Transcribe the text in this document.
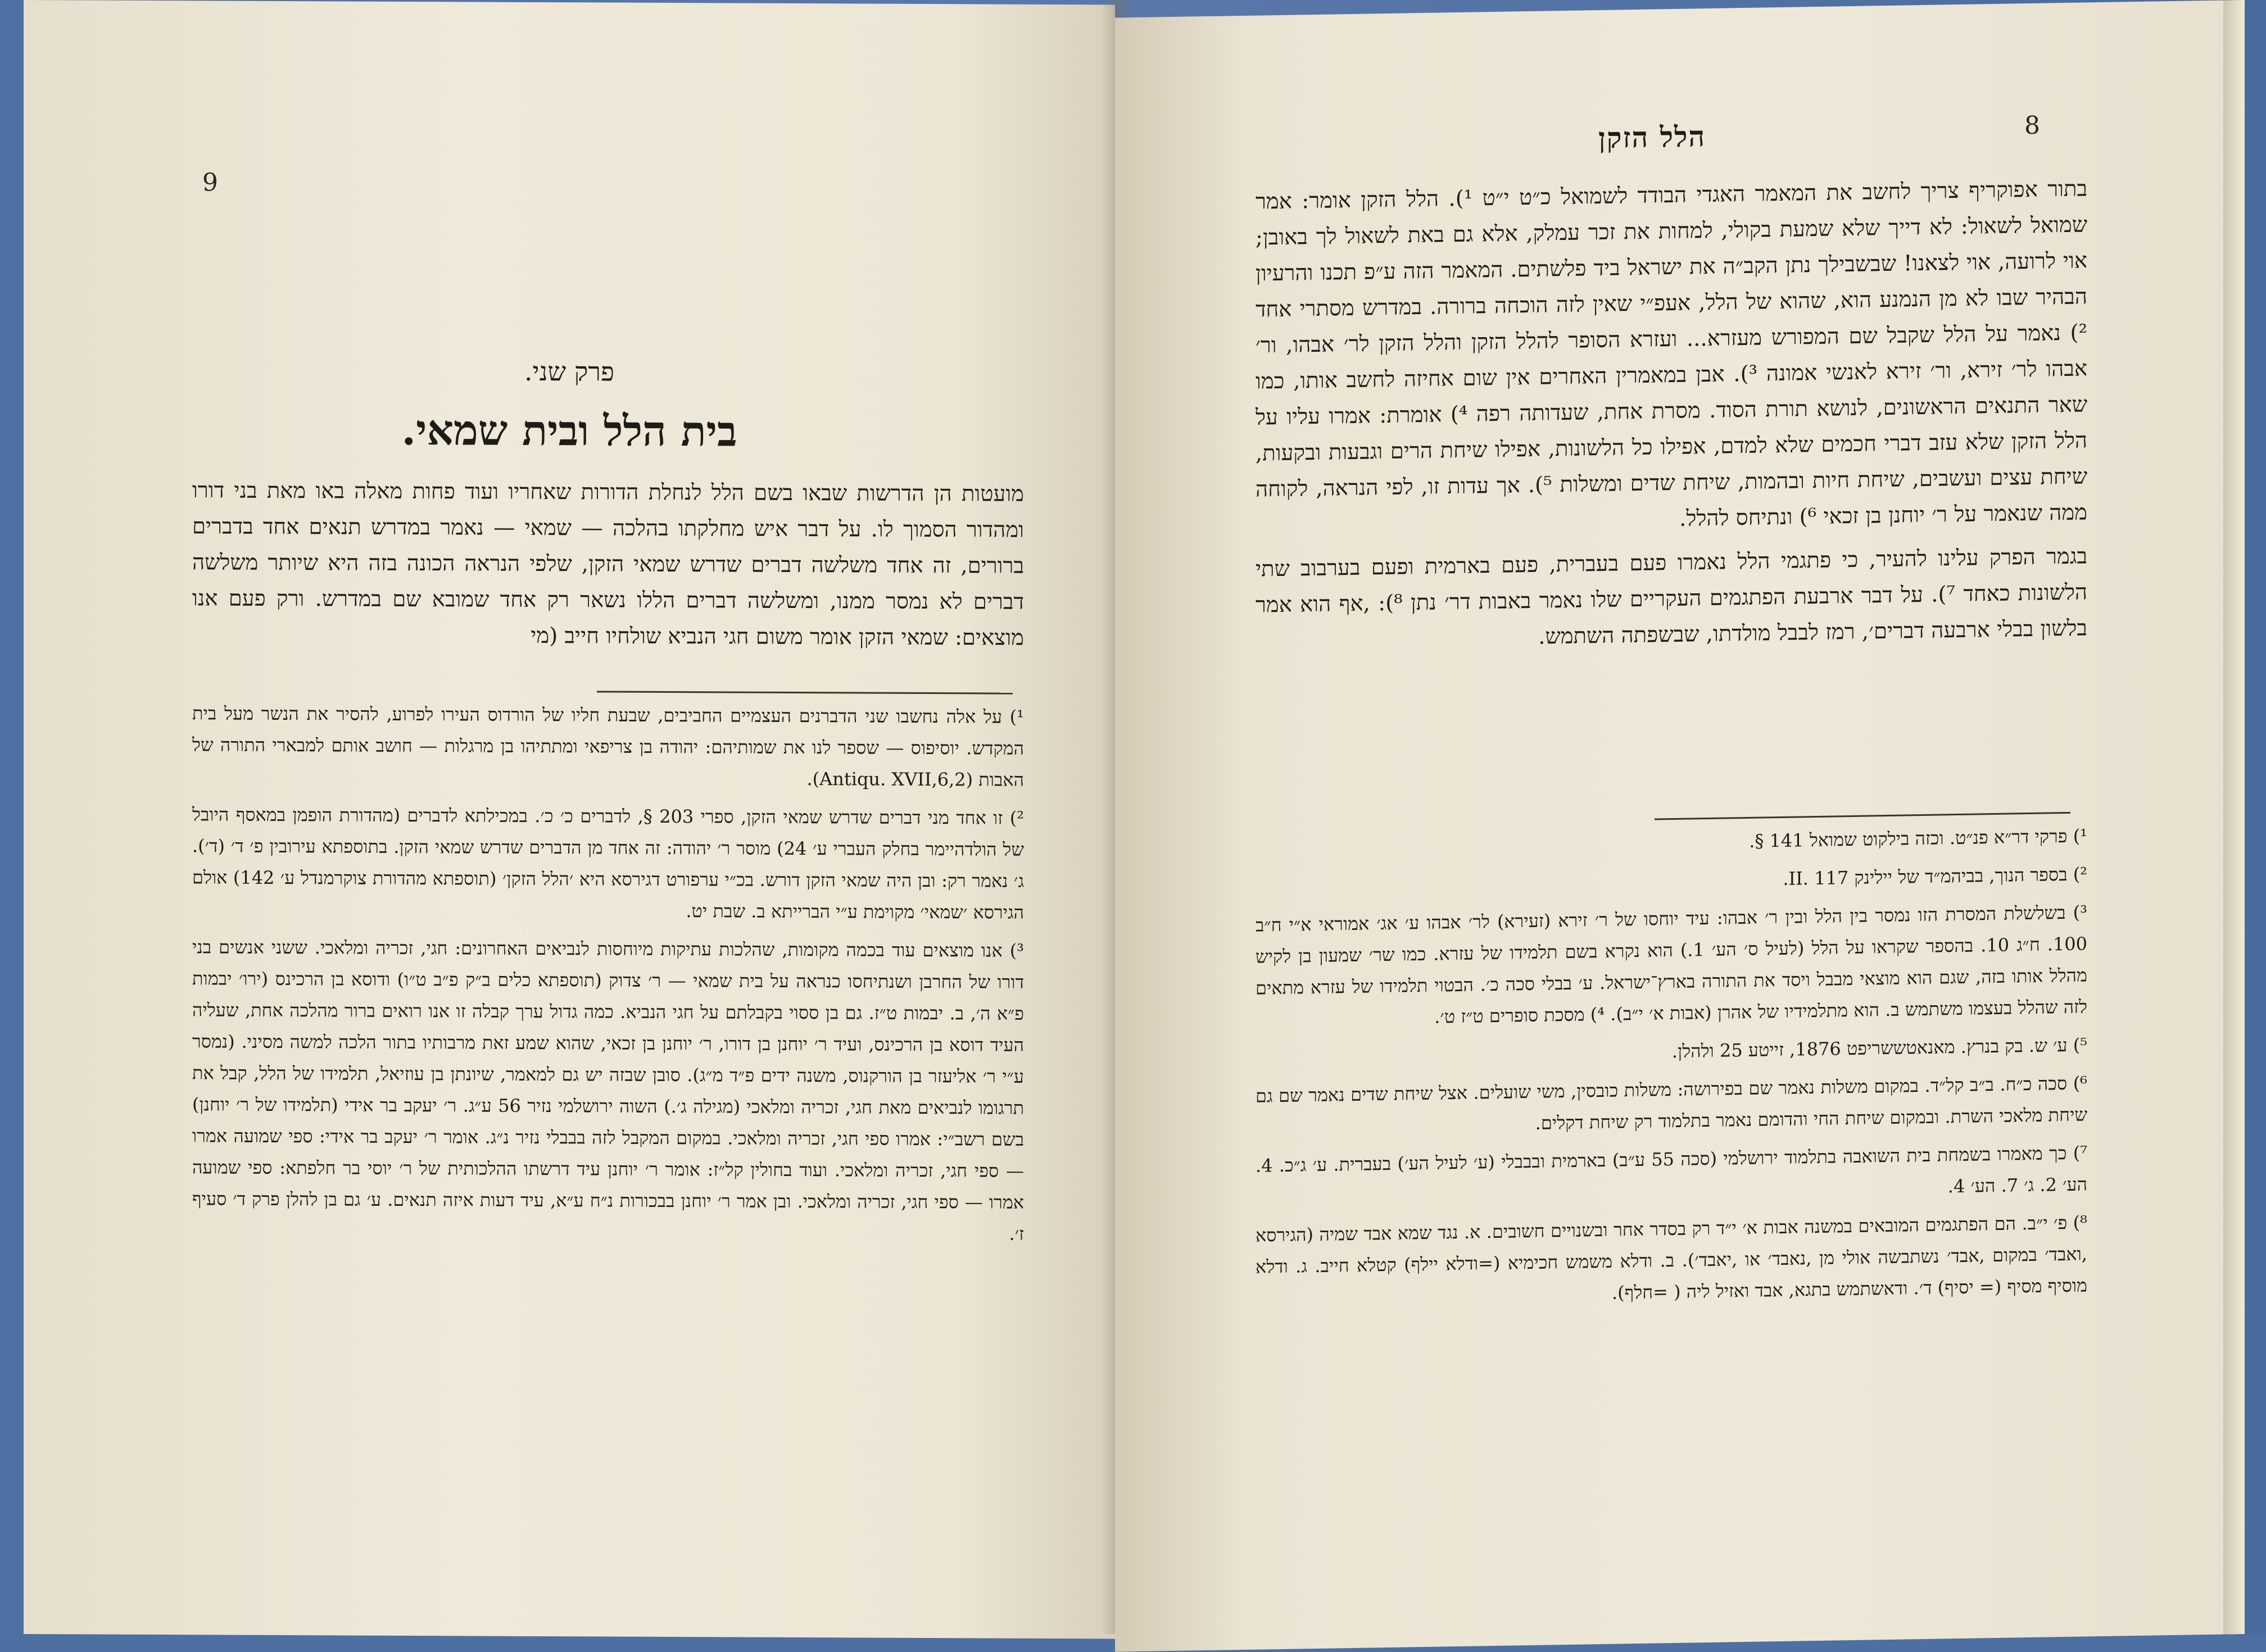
9
פרק שני.
בית הלל ובית שמאי.

מועטות הן הדרשות שבאו בשם הלל לנחלת הדורות שאחריו ועוד פחות מאלה באו מאת בני דורו ומהדור הסמוך לו. על דבר איש מחלקתו בהלכה — שמאי — נאמר במדרש תנאים אחד בדברים ברורים, זה אחד משלשה דברים שדרש שמאי הזקן, שלפי הנראה הכונה בזה היא שיותר משלשה דברים לא נמסר ממנו, ומשלשה דברים הללו נשאר רק אחד שמובא שם במדרש. ורק פעם אנו מוצאים: שמאי הזקן אומר משום חגי הנביא שולחיו חייב (מי

¹) על אלה נחשבו שני הדברנים העצמיים החביבים, שבעת חליו של הורדוס העירו לפרוע, להסיר את הנשר מעל בית המקדש. יוסיפוס — שספר לנו את שמותיהם: יהודה בן צריפאי ומתתיהו בן מרגלות — חושב אותם למבארי התורה של האבות (Antiqu. XVII,6,2).

²) זו אחד מני דברים שדרש שמאי הזקן, ספרי 203 §, לדברים כ׳ כ׳. במכילתא לדברים (מהדורת הופמן במאסף היובל של הולדהיימר בחלק העברי ע׳ 24) מוסר ר׳ יהודה: זה אחד מן הדברים שדרש שמאי הזקן. בתוספתא עירובין פ׳ ד׳ (ד׳). ג׳ נאמר רק: ובן היה שמאי הזקן דורש. בכ״י ערפורט דגירסא היא ׳הלל הזקן׳ (תוספתא מהדורת צוקרמנדל ע׳ 142) אולם הגירסא ׳שמאי׳ מקוימת ע״י הברייתא ב. שבת יט.

³) אנו מוצאים עוד בכמה מקומות, שהלכות עתיקות מיוחסות לנביאים האחרונים: חגי, זכריה ומלאכי. ששני אנשים בני דורו של החרבן ושנתיחסו כנראה על בית שמאי — ר׳ צדוק (תוספתא כלים ב״ק פ״ב ט״ו) ודוסא בן הרכינס (ירו׳ יבמות פ״א ה׳, ב. יבמות ט״ז. גם בן ססוי בקבלתם על חגי הנביא. כמה גדול ערך קבלה זו אנו רואים ברור מהלכה אחת, שעליה העיד דוסא בן הרכינס, ועיד ר׳ יוחנן בן דורו, ר׳ יוחנן בן זכאי, שהוא שמע זאת מרבותיו בתור הלכה למשה מסיני. (נמסר ע״י ר׳ אליעזר בן הורקנוס, משנה ידים פ״ד מ״ג). סובן שבזה יש גם למאמר, שיונתן בן עוזיאל, תלמידו של הלל, קבל את תרגומו לנביאים מאת חגי, זכריה ומלאכי (מגילה ג׳.) השוה ירושלמי נזיר 56 ע״ג. ר׳ יעקב בר אידי (תלמידו של ר׳ יוחנן) בשם רשב״י: אמרו ספי חגי, זכריה ומלאכי. במקום המקבל לזה בבבלי נזיר נ״ג. אומר ר׳ יעקב בר אידי: ספי שמועה אמרו — ספי חגי, זכריה ומלאכי. ועוד בחולין קל״ז: אומר ר׳ יוחנן עיד דרשתו ההלכותית של ר׳ יוסי בר חלפתא: ספי שמועה אמרו — ספי חגי, זכריה ומלאכי. ובן אמר ר׳ יוחנן בבכורות נ״ח ע״א, עיד דעות איזה תנאים. ע׳ גם בן להלן פרק ד׳ סעיף ז׳.

8
הלל הזקן

בתור אפוקריף צריך לחשב את המאמר האגדי הבודד לשמואל כ״ט י״ט ¹). הלל הזקן אומר: אמר שמואל לשאול: לא דייך שלא שמעת בקולי, למחות את זכר עמלק, אלא גם באת לשאול לך באובן; אוי לרועה, אוי לצאנו! שבשבילך נתן הקב״ה את ישראל ביד פלשתים. המאמר הזה ע״פ תכנו והרעיון הבהיר שבו לא מן הנמנע הוא, שהוא של הלל, אעפ״י שאין לזה הוכחה ברורה. במדרש מסתרי אחד ²) נאמר על הלל שקבל שם המפורש מעזרא... ועזרא הסופר להלל הזקן והלל הזקן לר׳ אבהו, ור׳ אבהו לר׳ זירא, ור׳ זירא לאנשי אמונה ³). אבן במאמרין האחרים אין שום אחיזה לחשב אותו, כמו שאר התנאים הראשונים, לנושא תורת הסוד. מסרת אחת, שעדותה רפה ⁴) אומרת: אמרו עליו על הלל הזקן שלא עזב דברי חכמים שלא למדם, אפילו כל הלשונות, אפילו שיחת הרים וגבעות ובקעות, שיחת עצים ועשבים, שיחת חיות ובהמות, שיחת שדים ומשלות ⁵). אך עדות זו, לפי הנראה, לקוחה ממה שנאמר על ר׳ יוחנן בן זכאי ⁶) ונתיחס להלל.

בגמר הפרק עלינו להעיר, כי פתגמי הלל נאמרו פעם בעברית, פעם בארמית ופעם בערבוב שתי הלשונות כאחד ⁷). על דבר ארבעת הפתגמים העקריים שלו נאמר באבות דר׳ נתן ⁸): ,אף הוא אמר בלשון בבלי ארבעה דברים׳, רמז לבבל מולדתו, שבשפתה השתמש.

¹) פרקי דר״א פנ״ט. וכזה בילקוט שמואל 141 §.

²) בספר הנוך, בביהמ״ד של יילינק II. 117.

³) בשלשלת המסרת הזו נמסר בין הלל ובין ר׳ אבהו: עיד יוחסו של ר׳ זירא (זעירא) לר׳ אבהו ע׳ אג׳ אמוראי א״י ח״ב 100. ח״ג 10. בהספר שקראו על הלל (לעיל ס׳ הע׳ 1.) הוא נקרא בשם תלמידו של עזרא. כמו שר׳ שמעון בן לקיש מהלל אותו בזה, שגם הוא מוצאי מבבל ויסד את התורה בארץ־ישראל. ע׳ בבלי סכה כ׳. הבטוי תלמידו של עזרא מתאים לזה שהלל בעצמו משתמש ב. הוא מתלמידיו של אהרן (אבות א׳ י״ב). ⁴) מסכת סופרים ט״ז ט׳.

⁵) ע׳ ש. בק בנרץ. מאנאטששריפט 1876, זייטע 25 ולהלן.

⁶) סכה כ״ח. ב״ב קל״ד. במקום משלות נאמר שם בפירושה: משלות כובסין, משי שועלים. אצל שיחת שדים נאמר שם גם שיחת מלאכי השרת. ובמקום שיחת החי והדומם נאמר בתלמוד רק שיחת דקלים.

⁷) כך מאמרו בשמחת בית השואבה בתלמוד ירושלמי (סכה 55 ע״ב) בארמית ובבבלי (ע׳ לעיל הע׳) בעברית. ע׳ ג״כ. 4. הע׳ 2. ג׳ 7. הע׳ 4.

⁸) פ׳ י״ב. הם הפתגמים המובאים במשנה אבות א׳ י״ד רק בסדר אחר ובשנויים חשובים. א. נגד שמא אבד שמיה (הגירסא ,ואבד׳ במקום ,אבד׳ נשתבשה אולי מן ,נאבד׳ או ,יאבד׳). ב. ודלא משמש חכימיא (=ודלא יילף) קטלא חייב. ג. ודלא מוסיף מסיף (= יסיף) ד׳. ודאשתמש בתגא, אבד ואזיל ליה ( =חלף).
